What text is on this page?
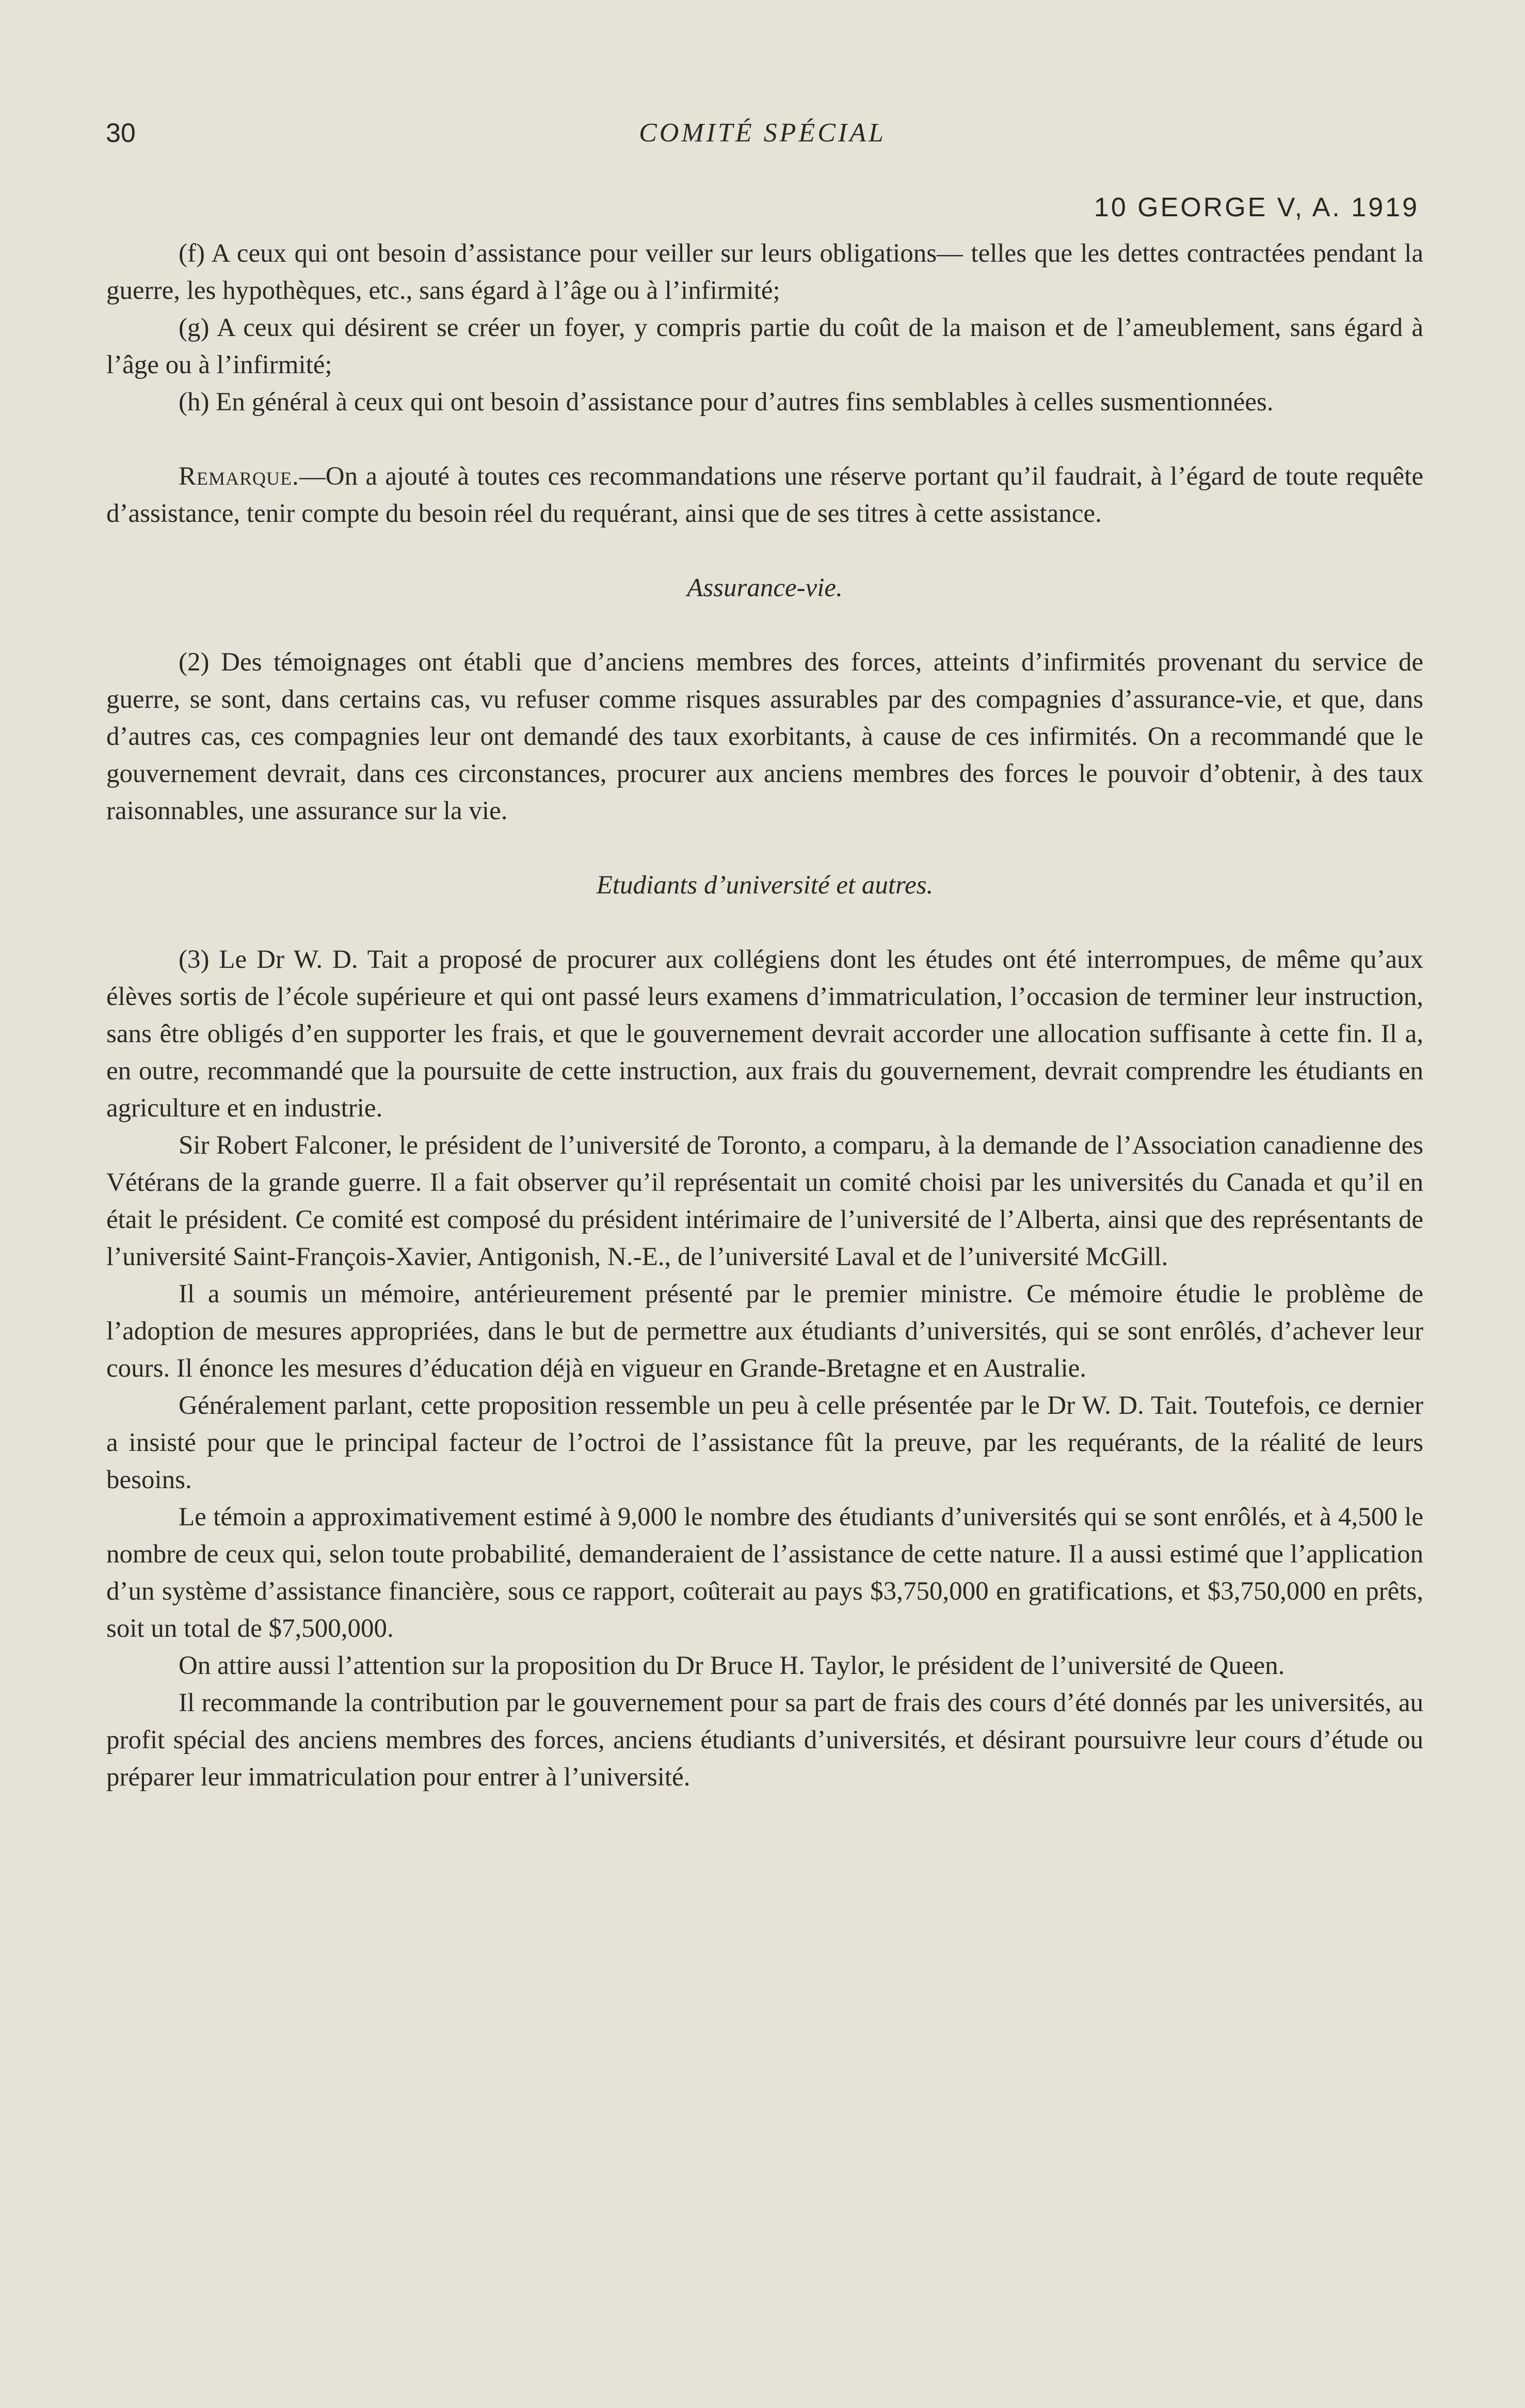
30	COMITÉ SPÉCIAL
10 GEORGE V, A. 1919

(f) A ceux qui ont besoin d’assistance pour veiller sur leurs obligations— telles que les dettes contractées pendant la guerre, les hypothèques, etc., sans égard à l’âge ou à l’infirmité;

(g) A ceux qui désirent se créer un foyer, y compris partie du coût de la maison et de l’ameublement, sans égard à l’âge ou à l’infirmité;

(h) En général à ceux qui ont besoin d’assistance pour d’autres fins semblables à celles susmentionnées.

Remarque.—On a ajouté à toutes ces recommandations une réserve portant qu’il faudrait, à l’égard de toute requête d’assistance, tenir compte du besoin réel du requérant, ainsi que de ses titres à cette assistance.

Assurance-vie.

(2) Des témoignages ont établi que d’anciens membres des forces, atteints d’infirmités provenant du service de guerre, se sont, dans certains cas, vu refuser comme risques assurables par des compagnies d’assurance-vie, et que, dans d’autres cas, ces compagnies leur ont demandé des taux exorbitants, à cause de ces infirmités. On a recommandé que le gouvernement devrait, dans ces circonstances, procurer aux anciens membres des forces le pouvoir d’obtenir, à des taux raisonnables, une assurance sur la vie.

Etudiants d’université et autres.

(3) Le Dr W. D. Tait a proposé de procurer aux collégiens dont les études ont été interrompues, de même qu’aux élèves sortis de l’école supérieure et qui ont passé leurs examens d’immatriculation, l’occasion de terminer leur instruction, sans être obligés d’en supporter les frais, et que le gouvernement devrait accorder une allocation suffisante à cette fin. Il a, en outre, recommandé que la poursuite de cette instruction, aux frais du gouvernement, devrait comprendre les étudiants en agriculture et en industrie.

Sir Robert Falconer, le président de l’université de Toronto, a comparu, à la demande de l’Association canadienne des Vétérans de la grande guerre. Il a fait observer qu’il représentait un comité choisi par les universités du Canada et qu’il en était le président. Ce comité est composé du président intérimaire de l’université de l’Alberta, ainsi que des représentants de l’université Saint-François-Xavier, Antigonish, N.-E., de l’université Laval et de l’université McGill.

Il a soumis un mémoire, antérieurement présenté par le premier ministre. Ce mémoire étudie le problème de l’adoption de mesures appropriées, dans le but de permettre aux étudiants d’universités, qui se sont enrôlés, d’achever leur cours. Il énonce les mesures d’éducation déjà en vigueur en Grande-Bretagne et en Australie.

Généralement parlant, cette proposition ressemble un peu à celle présentée par le Dr W. D. Tait. Toutefois, ce dernier a insisté pour que le principal facteur de l’octroi de l’assistance fût la preuve, par les requérants, de la réalité de leurs besoins.

Le témoin a approximativement estimé à 9,000 le nombre des étudiants d’universités qui se sont enrôlés, et à 4,500 le nombre de ceux qui, selon toute probabilité, demanderaient de l’assistance de cette nature. Il a aussi estimé que l’application d’un système d’assistance financière, sous ce rapport, coûterait au pays $3,750,000 en gratifications, et $3,750,000 en prêts, soit un total de $7,500,000.

On attire aussi l’attention sur la proposition du Dr Bruce H. Taylor, le président de l’université de Queen.

Il recommande la contribution par le gouvernement pour sa part de frais des cours d’été donnés par les universités, au profit spécial des anciens membres des forces, anciens étudiants d’universités, et désirant poursuivre leur cours d’étude ou préparer leur immatriculation pour entrer à l’université.
